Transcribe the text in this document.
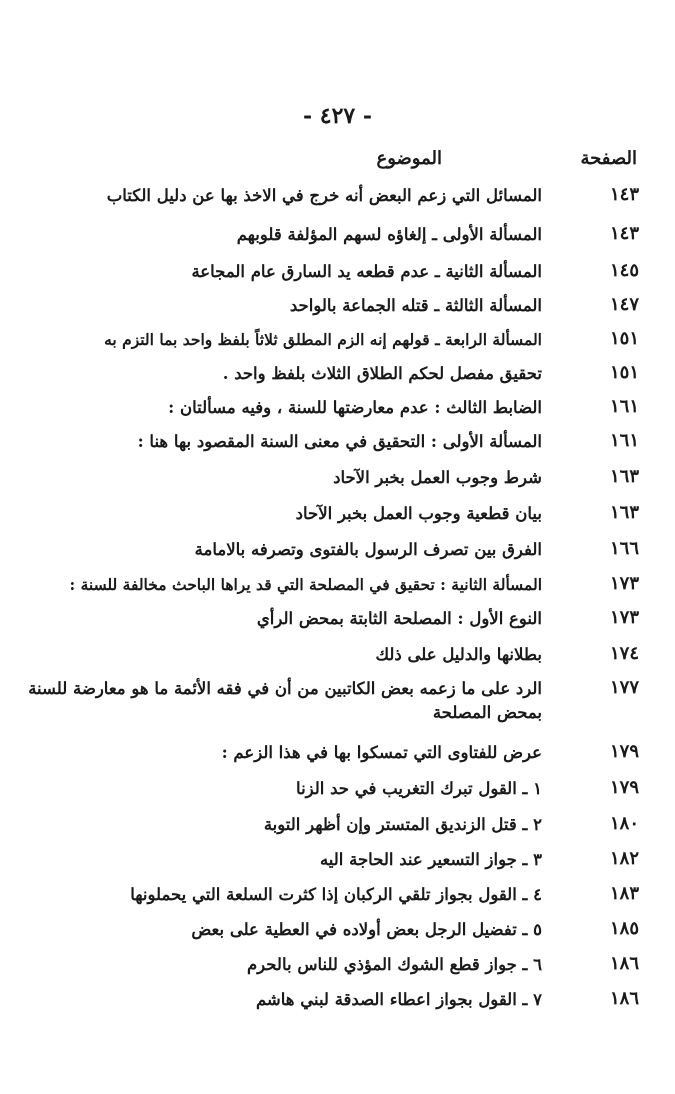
- ٤٢٧ -
الصفحة
الموضوع
١٤٣
المسائل التي زعم البعض أنه خرج في الاخذ بها عن دليل الكتاب
١٤٣
المسألة الأولى ـ إلغاؤه لسهم المؤلفة قلوبهم
١٤٥
المسألة الثانية ـ عدم قطعه يد السارق عام المجاعة
١٤٧
المسألة الثالثة ـ قتله الجماعة بالواحد
١٥١
المسألة الرابعة ـ قولهم إنه الزم المطلق ثلاثاً بلفظ واحد بما التزم به
١٥١
تحقيق مفصل لحكم الطلاق الثلاث بلفظ واحد .
١٦١
الضابط الثالث : عدم معارضتها للسنة ، وفيه مسألتان :
١٦١
المسألة الأولى : التحقيق في معنى السنة المقصود بها هنا :
١٦٣
شرط وجوب العمل بخبر الآحاد
١٦٣
بيان قطعية وجوب العمل بخبر الآحاد
١٦٦
الفرق بين تصرف الرسول بالفتوى وتصرفه بالامامة
١٧٣
المسألة الثانية : تحقيق في المصلحة التي قد يراها الباحث مخالفة للسنة :
١٧٣
النوع الأول : المصلحة الثابتة بمحض الرأي
١٧٤
بطلانها والدليل على ذلك
١٧٧
الرد على ما زعمه بعض الكاتبين من أن في فقه الأئمة ما هو معارضة للسنة بمحض المصلحة
١٧٩
عرض للفتاوى التي تمسكوا بها في هذا الزعم :
١٧٩
١ ـ القول تبرك التغريب في حد الزنا
١٨٠
٢ ـ قتل الزنديق المتستر وإن أظهر التوبة
١٨٢
٣ ـ جواز التسعير عند الحاجة اليه
١٨٣
٤ ـ القول بجواز تلقي الركبان إذا كثرت السلعة التي يحملونها
١٨٥
٥ ـ تفضيل الرجل بعض أولاده في العطية على بعض
١٨٦
٦ ـ جواز قطع الشوك المؤذي للناس بالحرم
١٨٦
٧ ـ القول بجواز اعطاء الصدقة لبني هاشم
